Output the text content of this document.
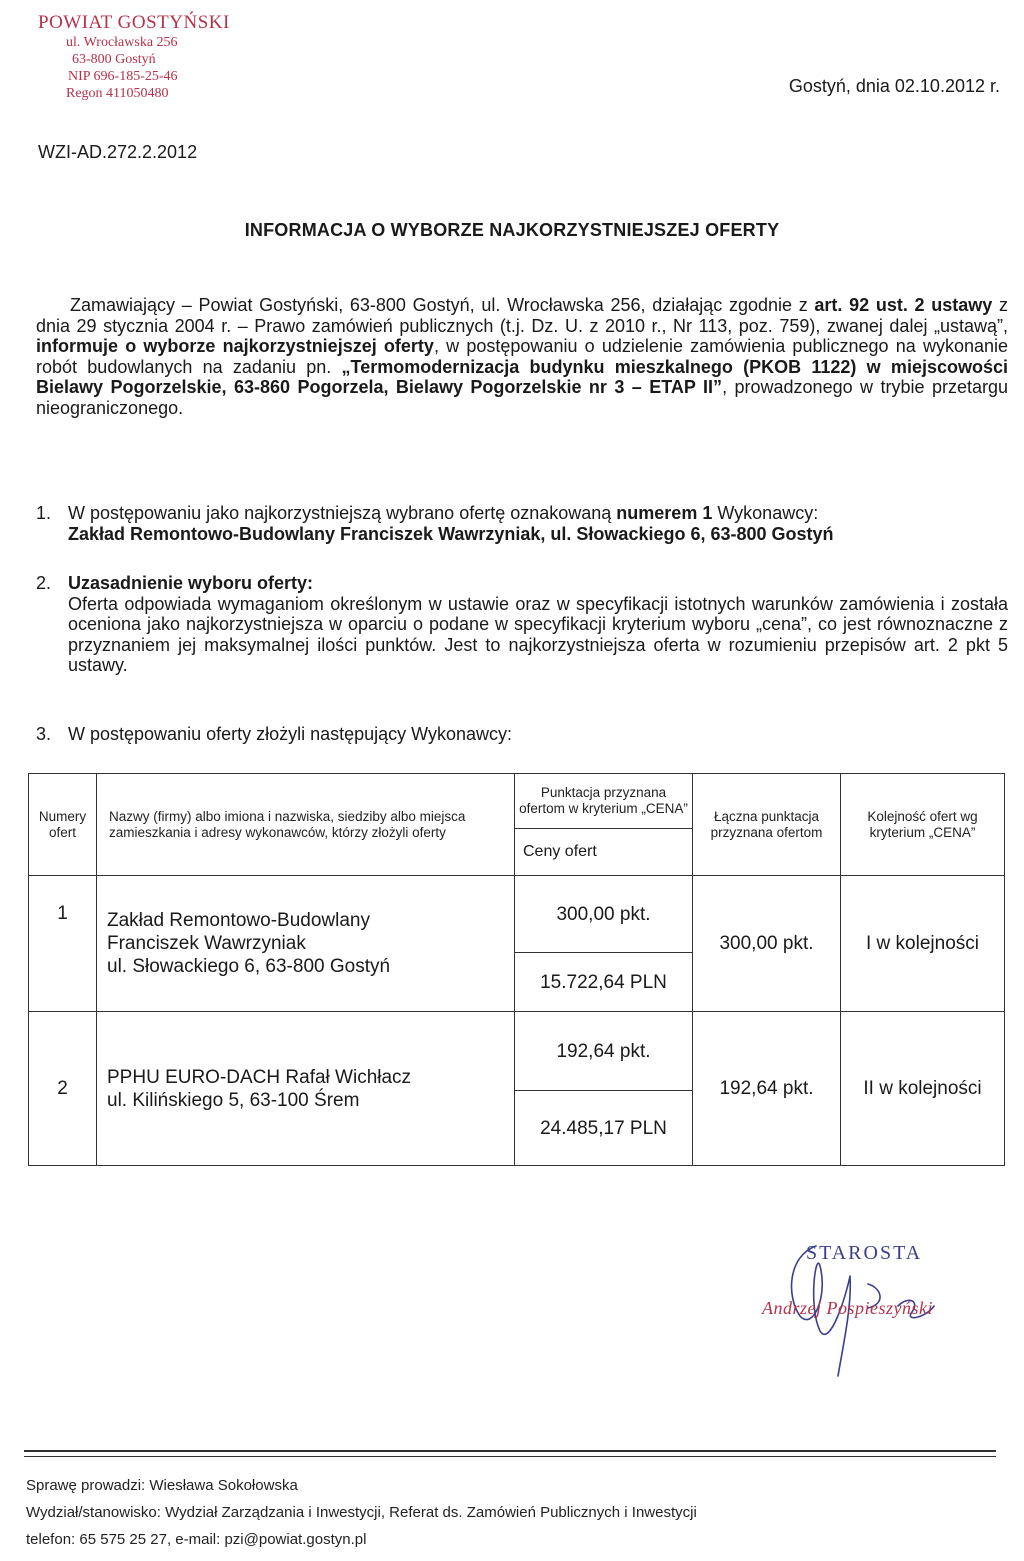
POWIAT GOSTYŃSKI
ul. Wrocławska 256
63-800 Gostyń
NIP 696-185-25-46
Regon 411050480	Gostyń, dnia 02.10.2012 r.
WZI-AD.272.2.2012
INFORMACJA O WYBORZE NAJKORZYSTNIEJSZEJ OFERTY
Zamawiający – Powiat Gostyński, 63-800 Gostyń, ul. Wrocławska 256, działając zgodnie z art. 92 ust. 2 ustawy z dnia 29 stycznia 2004 r. – Prawo zamówień publicznych (t.j. Dz. U. z 2010 r., Nr 113, poz. 759), zwanej dalej „ustawą”, informuje o wyborze najkorzystniejszej oferty, w postępowaniu o udzielenie zamówienia publicznego na wykonanie robót budowlanych na zadaniu pn. „Termomodernizacja budynku mieszkalnego (PKOB 1122) w miejscowości Bielawy Pogorzelskie, 63-860 Pogorzela, Bielawy Pogorzelskie nr 3 – ETAP II”, prowadzonego w trybie przetargu nieograniczonego.
1. W postępowaniu jako najkorzystniejszą wybrano ofertę oznakowaną numerem 1 Wykonawcy:
Zakład Remontowo-Budowlany Franciszek Wawrzyniak, ul. Słowackiego 6, 63-800 Gostyń
2. Uzasadnienie wyboru oferty:
Oferta odpowiada wymaganiom określonym w ustawie oraz w specyfikacji istotnych warunków zamówienia i została oceniona jako najkorzystniejsza w oparciu o podane w specyfikacji kryterium wyboru „cena”, co jest równoznaczne z przyznaniem jej maksymalnej ilości punktów. Jest to najkorzystniejsza oferta w rozumieniu przepisów art. 2 pkt 5 ustawy.
3. W postępowaniu oferty złożyli następujący Wykonawcy:
Numery ofert	Nazwy (firmy) albo imiona i nazwiska, siedziby albo miejsca zamieszkania i adresy wykonawców, którzy złożyli oferty	Punktacja przyznana ofertom w kryterium „CENA”	Łączna punktacja przyznana ofertom	Kolejność ofert wg kryterium „CENA”
		Ceny ofert		
1	Zakład Remontowo-Budowlany
Franciszek Wawrzyniak
ul. Słowackiego 6, 63-800 Gostyń	300,00 pkt.	300,00 pkt.	I w kolejności
		15.722,64 PLN		
2	PPHU EURO-DACH Rafał Wichłacz
ul. Kilińskiego 5, 63-100 Śrem	192,64 pkt.	192,64 pkt.	II w kolejności
		24.485,17 PLN		
STAROSTA
Andrzej Pospieszyński
Sprawę prowadzi: Wiesława Sokołowska
Wydział/stanowisko: Wydział Zarządzania i Inwestycji, Referat ds. Zamówień Publicznych i Inwestycji
telefon: 65 575 25 27, e-mail: pzi@powiat.gostyn.pl
